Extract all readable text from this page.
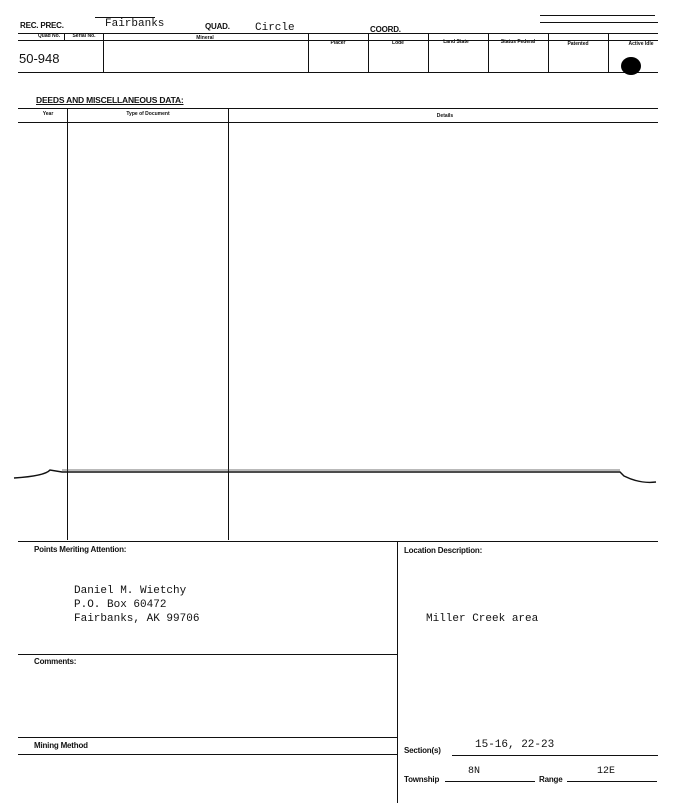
REC. PREC.	Fairbanks	QUAD. Circle	COORD.
Quad No.	Serial No.	Mineral
Placer	Lode	Land State	Status Federal	Patented	Active Idle
50-948
DEEDS AND MISCELLANEOUS DATA:
Year	Type of Document	Details
Points Meriting Attention:
Daniel M. Wietchy
P.O. Box 60472
Fairbanks, AK 99706
Location Description:
Miller Creek area
Comments:
Mining Method
Section(s)	15-16, 22-23
Township
8N
Range
12E
